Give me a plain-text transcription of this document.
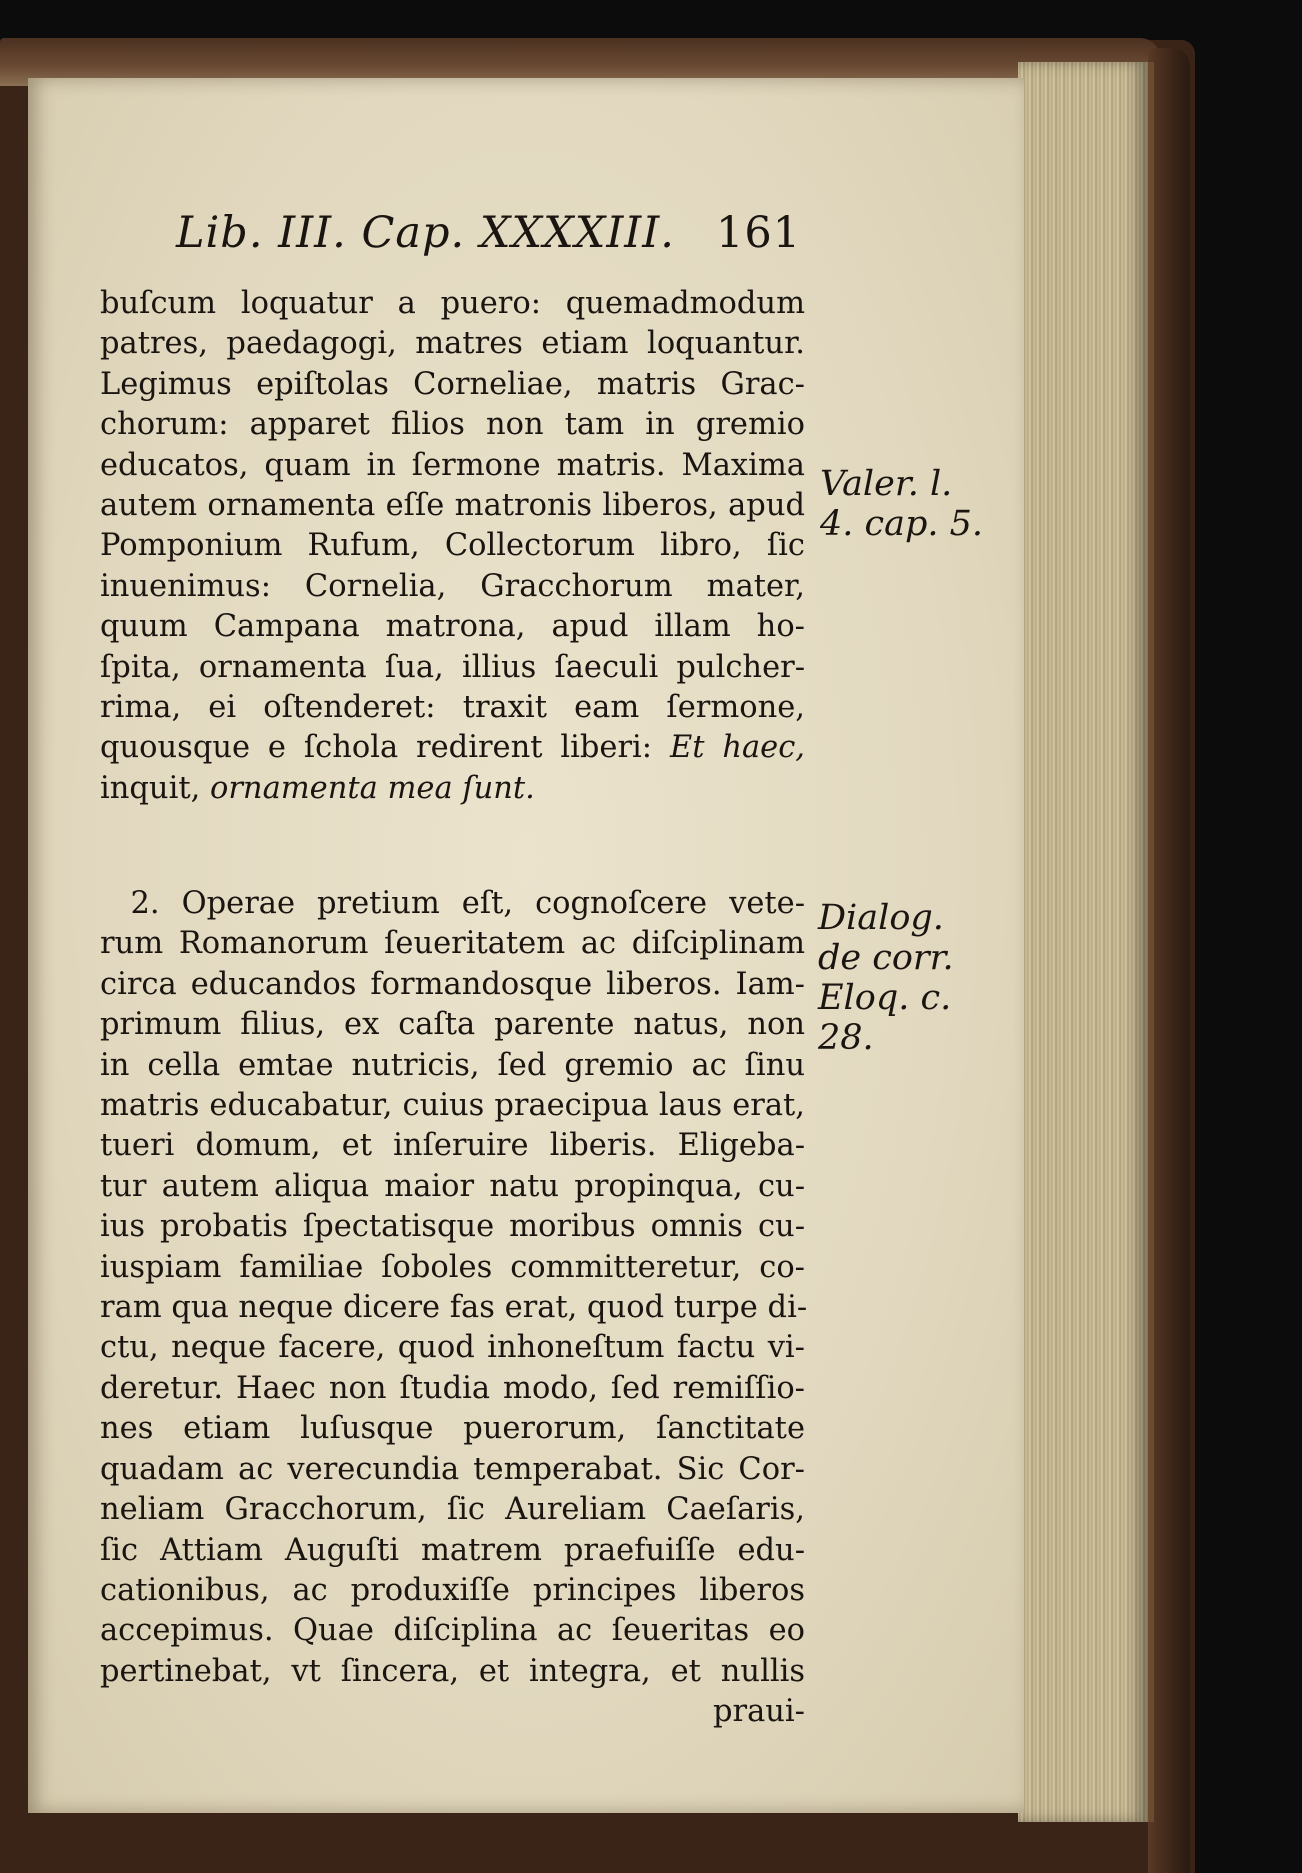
Lib. III. Cap. XXXXIII. 161
buſcum loquatur a puero: quemadmodum
patres, paedagogi, matres etiam loquantur.
Legimus epiſtolas Corneliae, matris Grac-
chorum: apparet filios non tam in gremio
educatos, quam in ſermone matris. Maxima
autem ornamenta eſſe matronis liberos, apud
Pomponium Rufum, Collectorum libro, ſic
inuenimus: Cornelia, Gracchorum mater,
quum Campana matrona, apud illam ho-
ſpita, ornamenta ſua, illius ſaeculi pulcher-
rima, ei oſtenderet: traxit eam ſermone,
quousque e ſchola redirent liberi: Et haec,
inquit, ornamenta mea ſunt.
Valer. l.
4. cap. 5.
 2. Operae pretium eſt, cognoſcere vete-
rum Romanorum ſeueritatem ac diſciplinam
circa educandos formandosque liberos. Iam-
primum filius, ex caſta parente natus, non
in cella emtae nutricis, ſed gremio ac ſinu
matris educabatur, cuius praecipua laus erat,
tueri domum, et inſeruire liberis. Eligeba-
tur autem aliqua maior natu propinqua, cu-
ius probatis ſpectatisque moribus omnis cu-
iuspiam familiae ſoboles committeretur, co-
ram qua neque dicere fas erat, quod turpe di-
ctu, neque facere, quod inhoneſtum factu vi-
deretur. Haec non ſtudia modo, ſed remiſſio-
nes etiam luſusque puerorum, ſanctitate
quadam ac verecundia temperabat. Sic Cor-
neliam Gracchorum, ſic Aureliam Caeſaris,
ſic Attiam Auguſti matrem praefuiſſe edu-
cationibus, ac produxiſſe principes liberos
accepimus. Quae diſciplina ac ſeueritas eo
pertinebat, vt ſincera, et integra, et nullis
praui-
Dialog.
de corr.
Eloq. c.
28.
